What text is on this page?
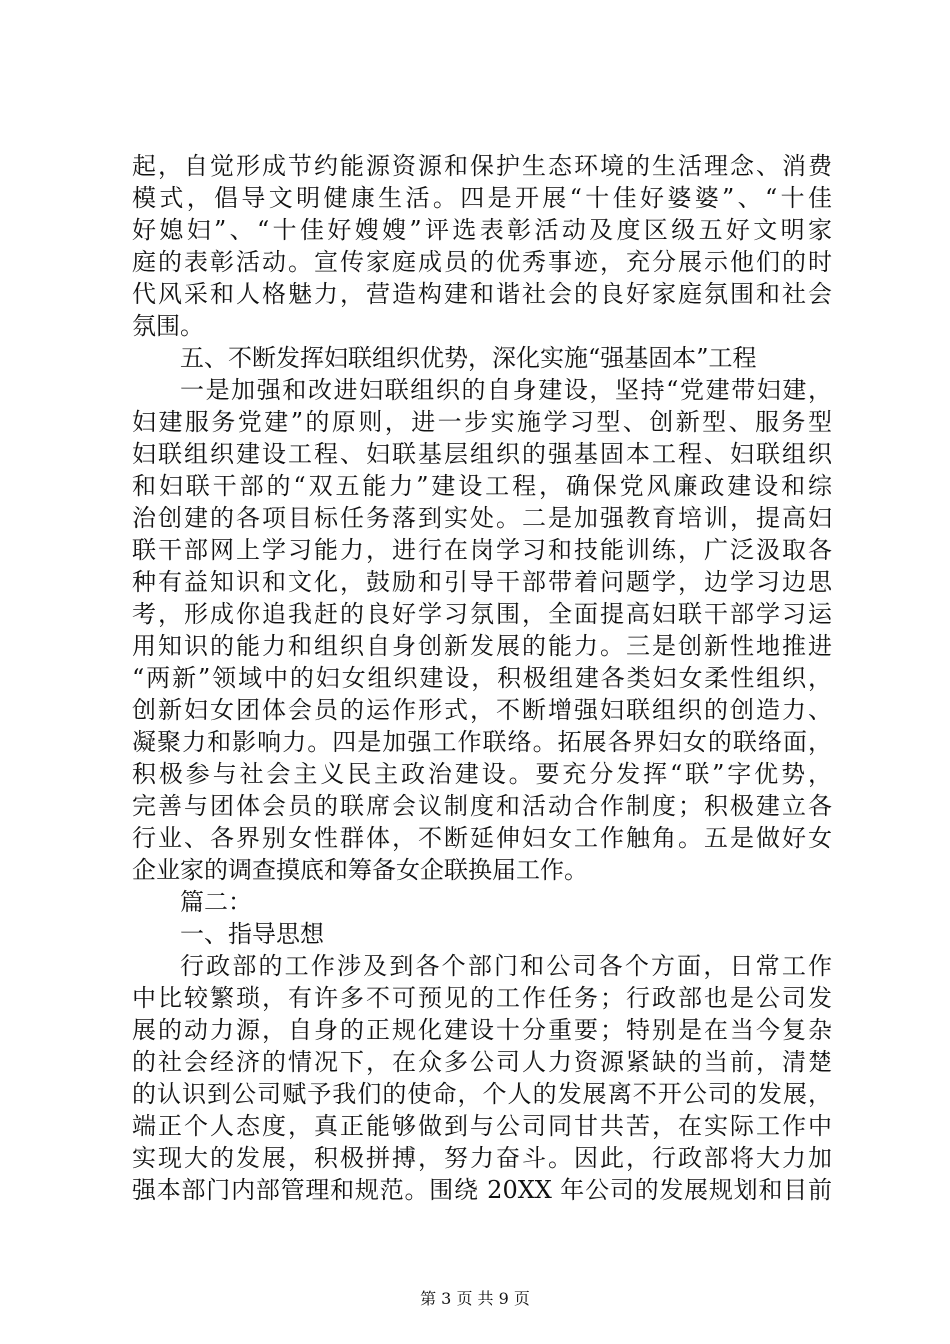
起，自觉形成节约能源资源和保护生态环境的生活理念、消费
模式，倡导文明健康生活。四是开展“十佳好婆婆”、“十佳
好媳妇”、“十佳好嫂嫂”评选表彰活动及度区级五好文明家
庭的表彰活动。宣传家庭成员的优秀事迹，充分展示他们的时
代风采和人格魅力，营造构建和谐社会的良好家庭氛围和社会
氛围。
五、不断发挥妇联组织优势，深化实施“强基固本”工程
一是加强和改进妇联组织的自身建设，坚持“党建带妇建，
妇建服务党建”的原则，进一步实施学习型、创新型、服务型
妇联组织建设工程、妇联基层组织的强基固本工程、妇联组织
和妇联干部的“双五能力”建设工程，确保党风廉政建设和综
治创建的各项目标任务落到实处。二是加强教育培训，提高妇
联干部网上学习能力，进行在岗学习和技能训练，广泛汲取各
种有益知识和文化，鼓励和引导干部带着问题学，边学习边思
考，形成你追我赶的良好学习氛围，全面提高妇联干部学习运
用知识的能力和组织自身创新发展的能力。三是创新性地推进
“两新”领域中的妇女组织建设，积极组建各类妇女柔性组织，
创新妇女团体会员的运作形式，不断增强妇联组织的创造力、
凝聚力和影响力。四是加强工作联络。拓展各界妇女的联络面，
积极参与社会主义民主政治建设。要充分发挥“联”字优势，
完善与团体会员的联席会议制度和活动合作制度；积极建立各
行业、各界别女性群体，不断延伸妇女工作触角。五是做好女
企业家的调查摸底和筹备女企联换届工作。
篇二：
一、指导思想
行政部的工作涉及到各个部门和公司各个方面，日常工作
中比较繁琐，有许多不可预见的工作任务；行政部也是公司发
展的动力源，自身的正规化建设十分重要；特别是在当今复杂
的社会经济的情况下，在众多公司人力资源紧缺的当前，清楚
的认识到公司赋予我们的使命，个人的发展离不开公司的发展，
端正个人态度，真正能够做到与公司同甘共苦，在实际工作中
实现大的发展，积极拼搏，努力奋斗。因此，行政部将大力加
强本部门内部管理和规范。围绕 20XX 年公司的发展规划和目前
第 3 页 共 9 页
